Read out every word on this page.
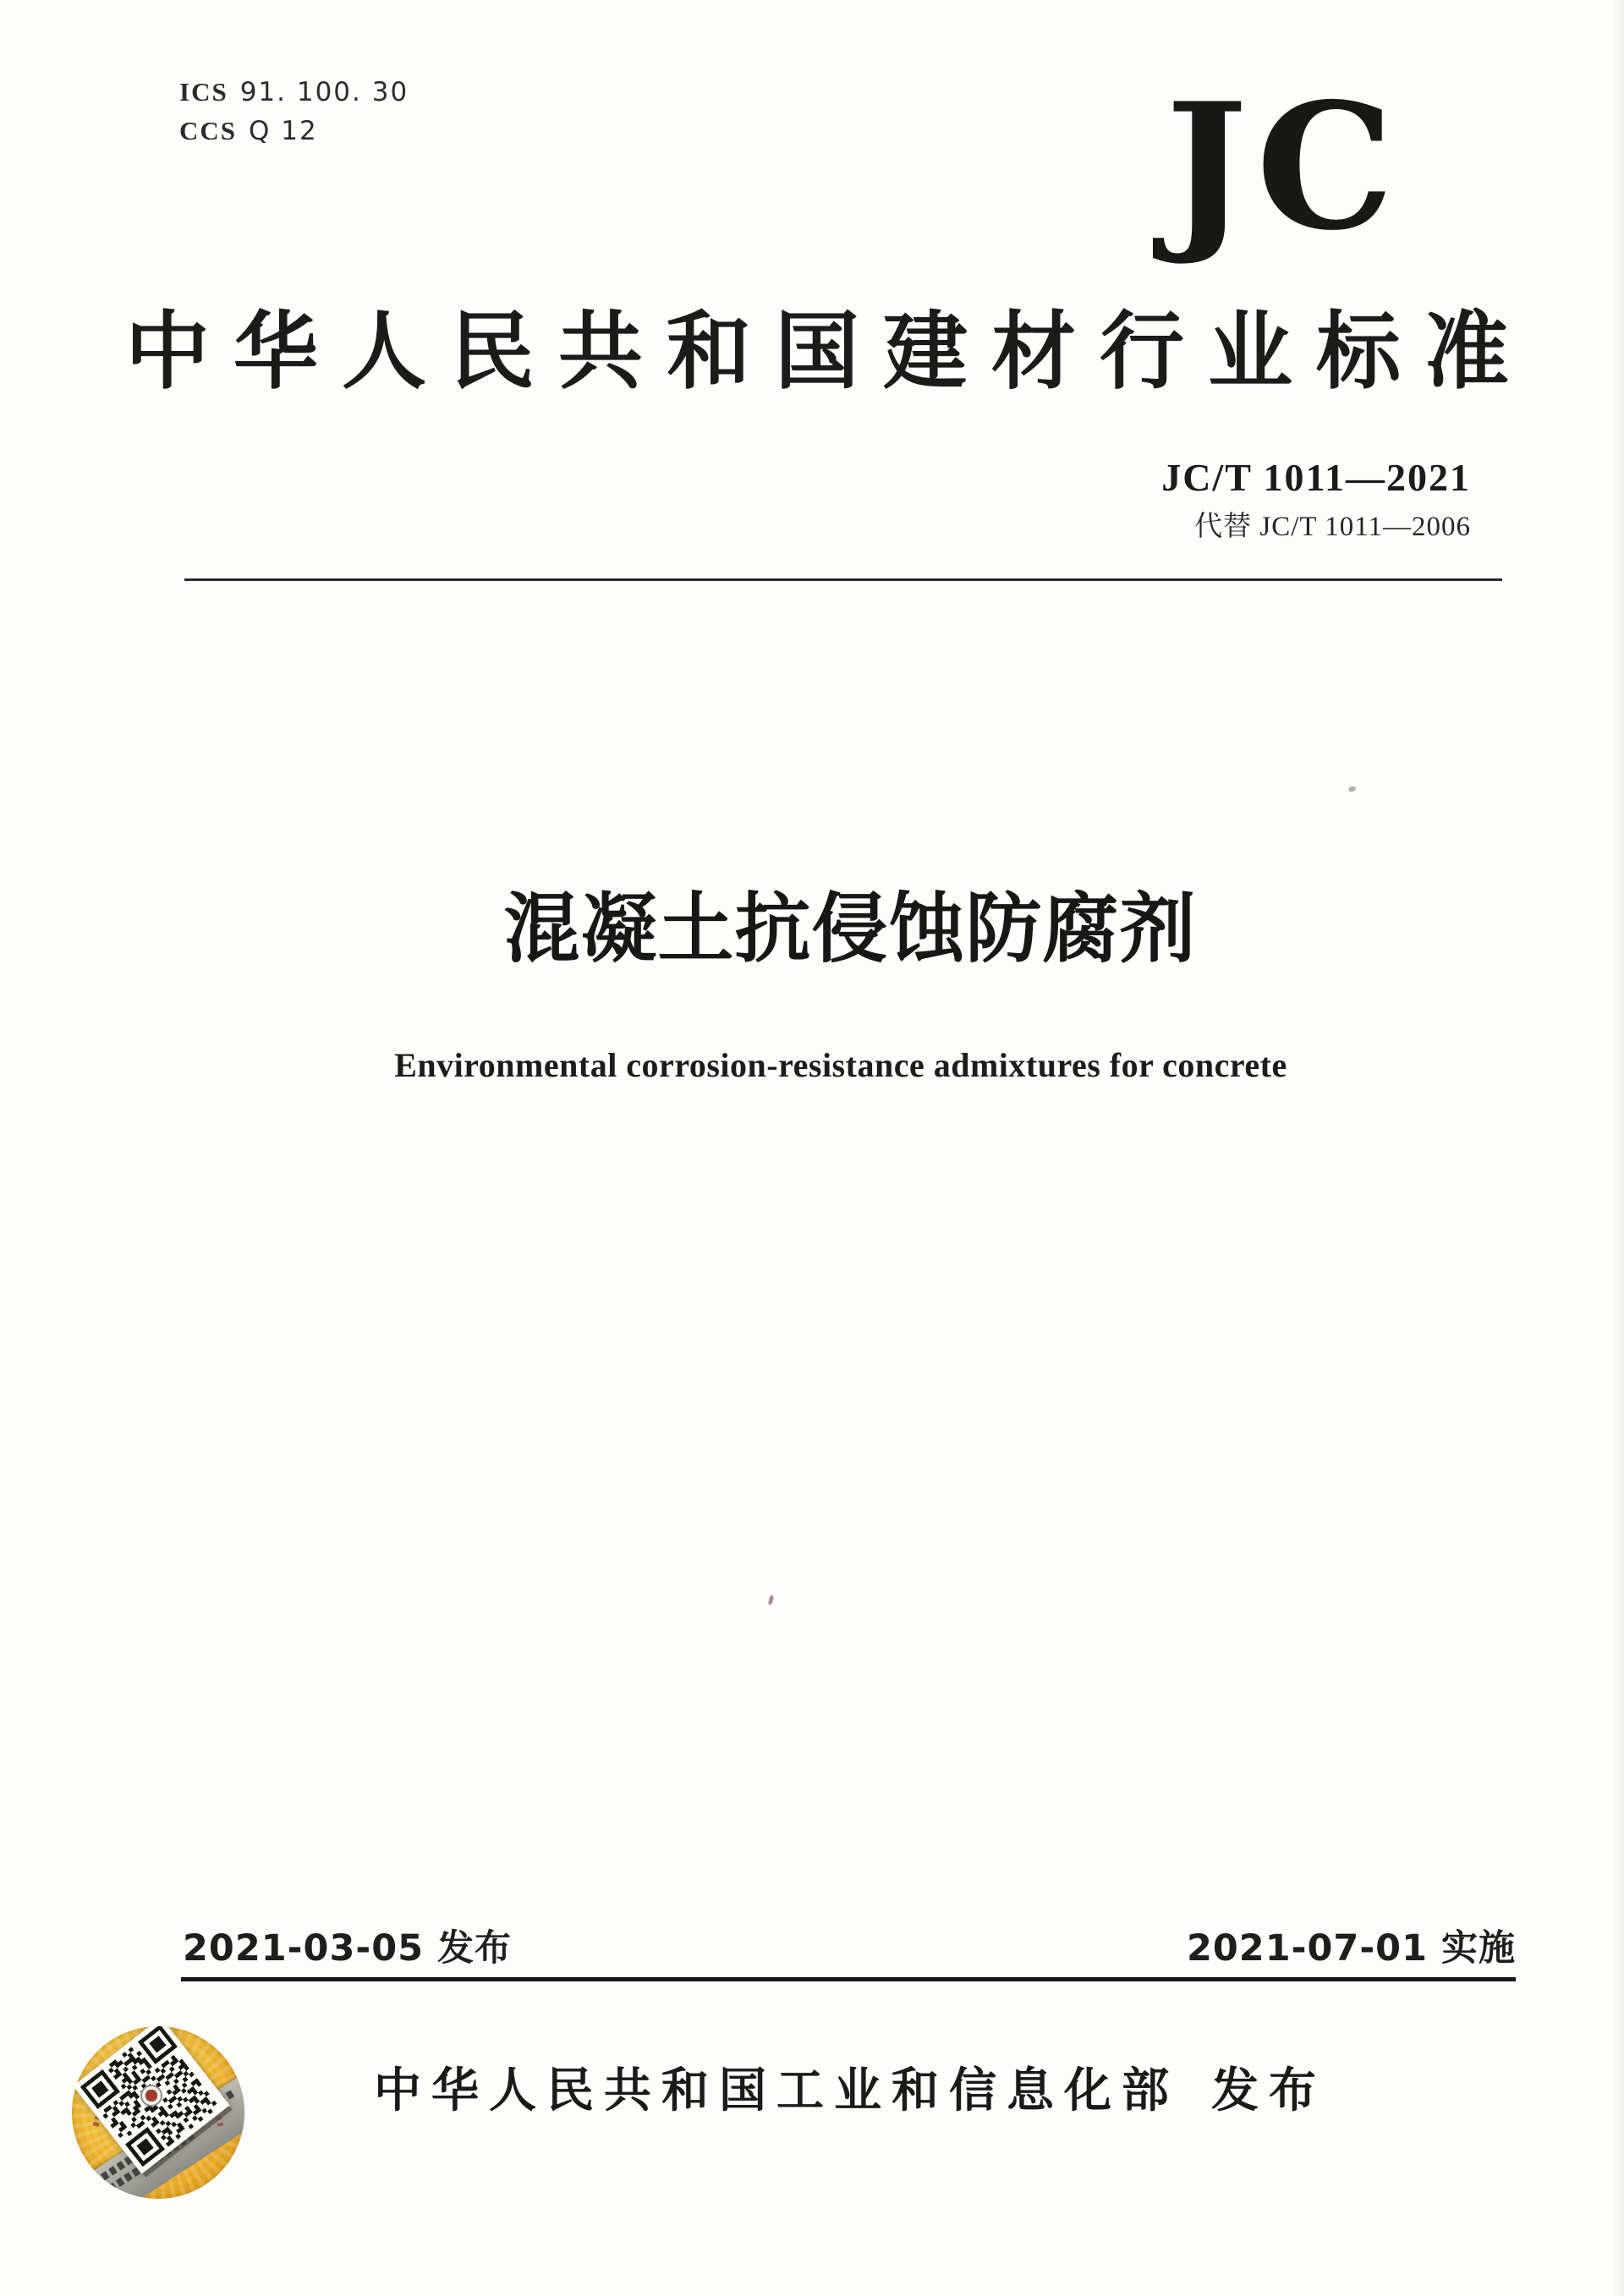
ICS 91. 100. 30
CCS Q 12	JC
中华人民共和国建材行业标准
JC/T 1011—2021
代替 JC/T 1011—2006
混凝土抗侵蚀防腐剂
Environmental corrosion-resistance admixtures for concrete
2021-03-05 发布	2021-07-01 实施
中华人民共和国工业和信息化部 发布
